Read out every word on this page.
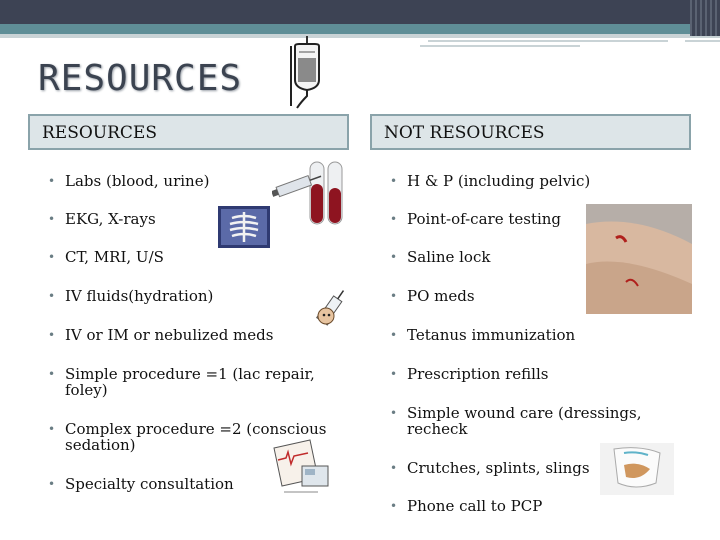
RESOURCES
RESOURCES	NOT RESOURCES
• Labs (blood, urine)
• EKG, X-rays
• CT, MRI, U/S
• IV fluids(hydration)
• IV or IM or nebulized meds
• Simple procedure =1 (lac repair,
foley)
• Complex procedure =2 (conscious
sedation)
• Specialty consultation
• H & P (including pelvic)
• Point-of-care testing
• Saline lock
• PO meds
• Tetanus immunization
• Prescription refills
• Simple wound care (dressings,
recheck
• Crutches, splints, slings
• Phone call to PCP
